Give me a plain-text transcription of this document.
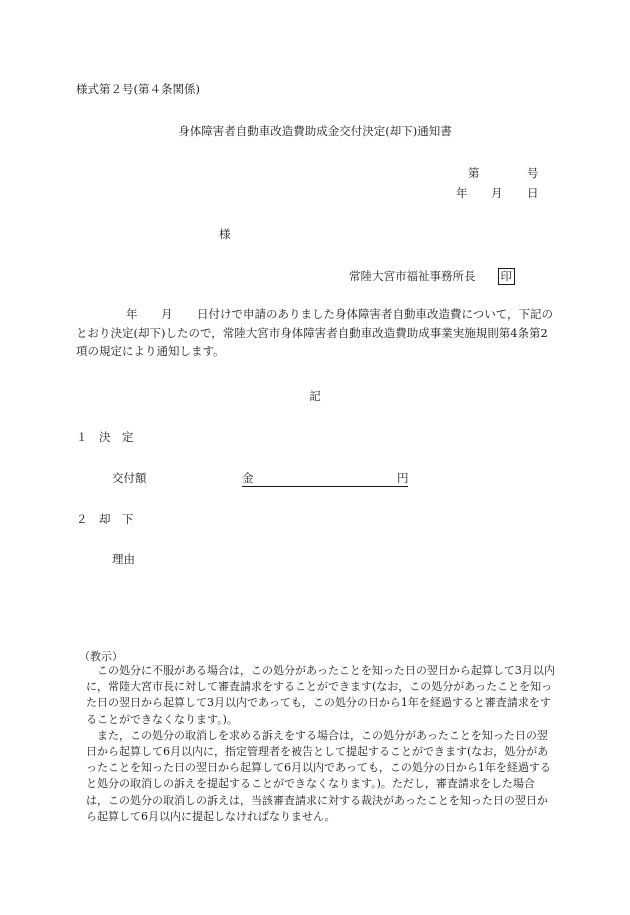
様式第２号(第４条関係)
身体障害者自動車改造費助成金交付決定(却下)通知書
第	号
年 月 日
様
常陸大宮市福祉事務所長 印
年 月	日付けで申請のありました身体障害者自動車改造費について，下記のとおり決定(却下)したので，常陸大宮市身体障害者自動車改造費助成事業実施規則第4条第2項の規定により通知します。
記
１　決　定
交付額	金	円
２　却　下
理由
（教示）

この処分に不服がある場合は，この処分があったことを知った日の翌日から起算して3月以内に，常陸大宮市長に対して審査請求をすることができます(なお，この処分があったことを知った日の翌日から起算して3月以内であっても，この処分の日から1年を経過すると審査請求をすることができなくなります。)。

また，この処分の取消しを求める訴えをする場合は，この処分があったことを知った日の翌日から起算して6月以内に，指定管理者を被告として提起することができます(なお，処分があったことを知った日の翌日から起算して6月以内であっても，この処分の日から1年を経過すると処分の取消しの訴えを提起することができなくなります。)。ただし，審査請求をした場合は，この処分の取消しの訴えは，当該審査請求に対する裁決があったことを知った日の翌日から起算して6月以内に提起しなければなりません。
